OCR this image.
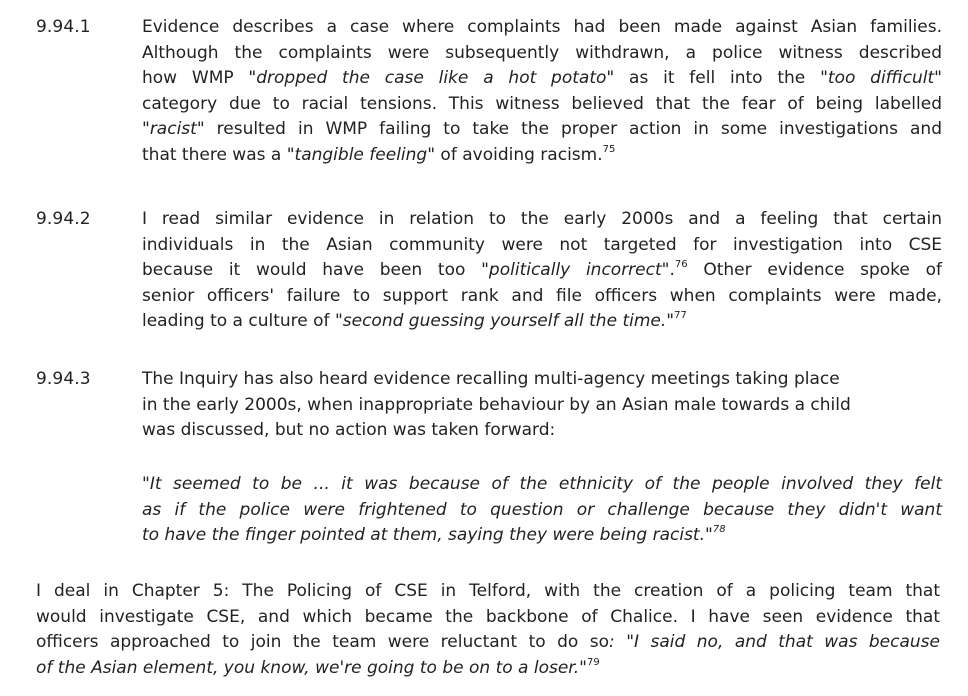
9.94.1	Evidence describes a case where complaints had been made against Asian families.
Although the complaints were subsequently withdrawn, a police witness described
how WMP "dropped the case like a hot potato" as it fell into the "too difficult"
category due to racial tensions. This witness believed that the fear of being labelled
"racist" resulted in WMP failing to take the proper action in some investigations and
that there was a "tangible feeling" of avoiding racism.$^{75}$
9.94.2	I read similar evidence in relation to the early 2000s and a feeling that certain
individuals in the Asian community were not targeted for investigation into CSE
because it would have been too "politically incorrect".$^{76}$ Other evidence spoke of
senior officers' failure to support rank and file officers when complaints were made,
leading to a culture of "second guessing yourself all the time."$^{77}$
9.94.3	The Inquiry has also heard evidence recalling multi-agency meetings taking place
in the early 2000s, when inappropriate behaviour by an Asian male towards a child
was discussed, but no action was taken forward:
"It seemed to be ... it was because of the ethnicity of the people involved they felt
as if the police were frightened to question or challenge because they didn't want
to have the finger pointed at them, saying they were being racist."$^{78}$
I deal in Chapter 5: The Policing of CSE in Telford, with the creation of a policing team that
would investigate CSE, and which became the backbone of Chalice. I have seen evidence that
officers approached to join the team were reluctant to do so: "I said no, and that was because
of the Asian element, you know, we're going to be on to a loser."$^{79}$
